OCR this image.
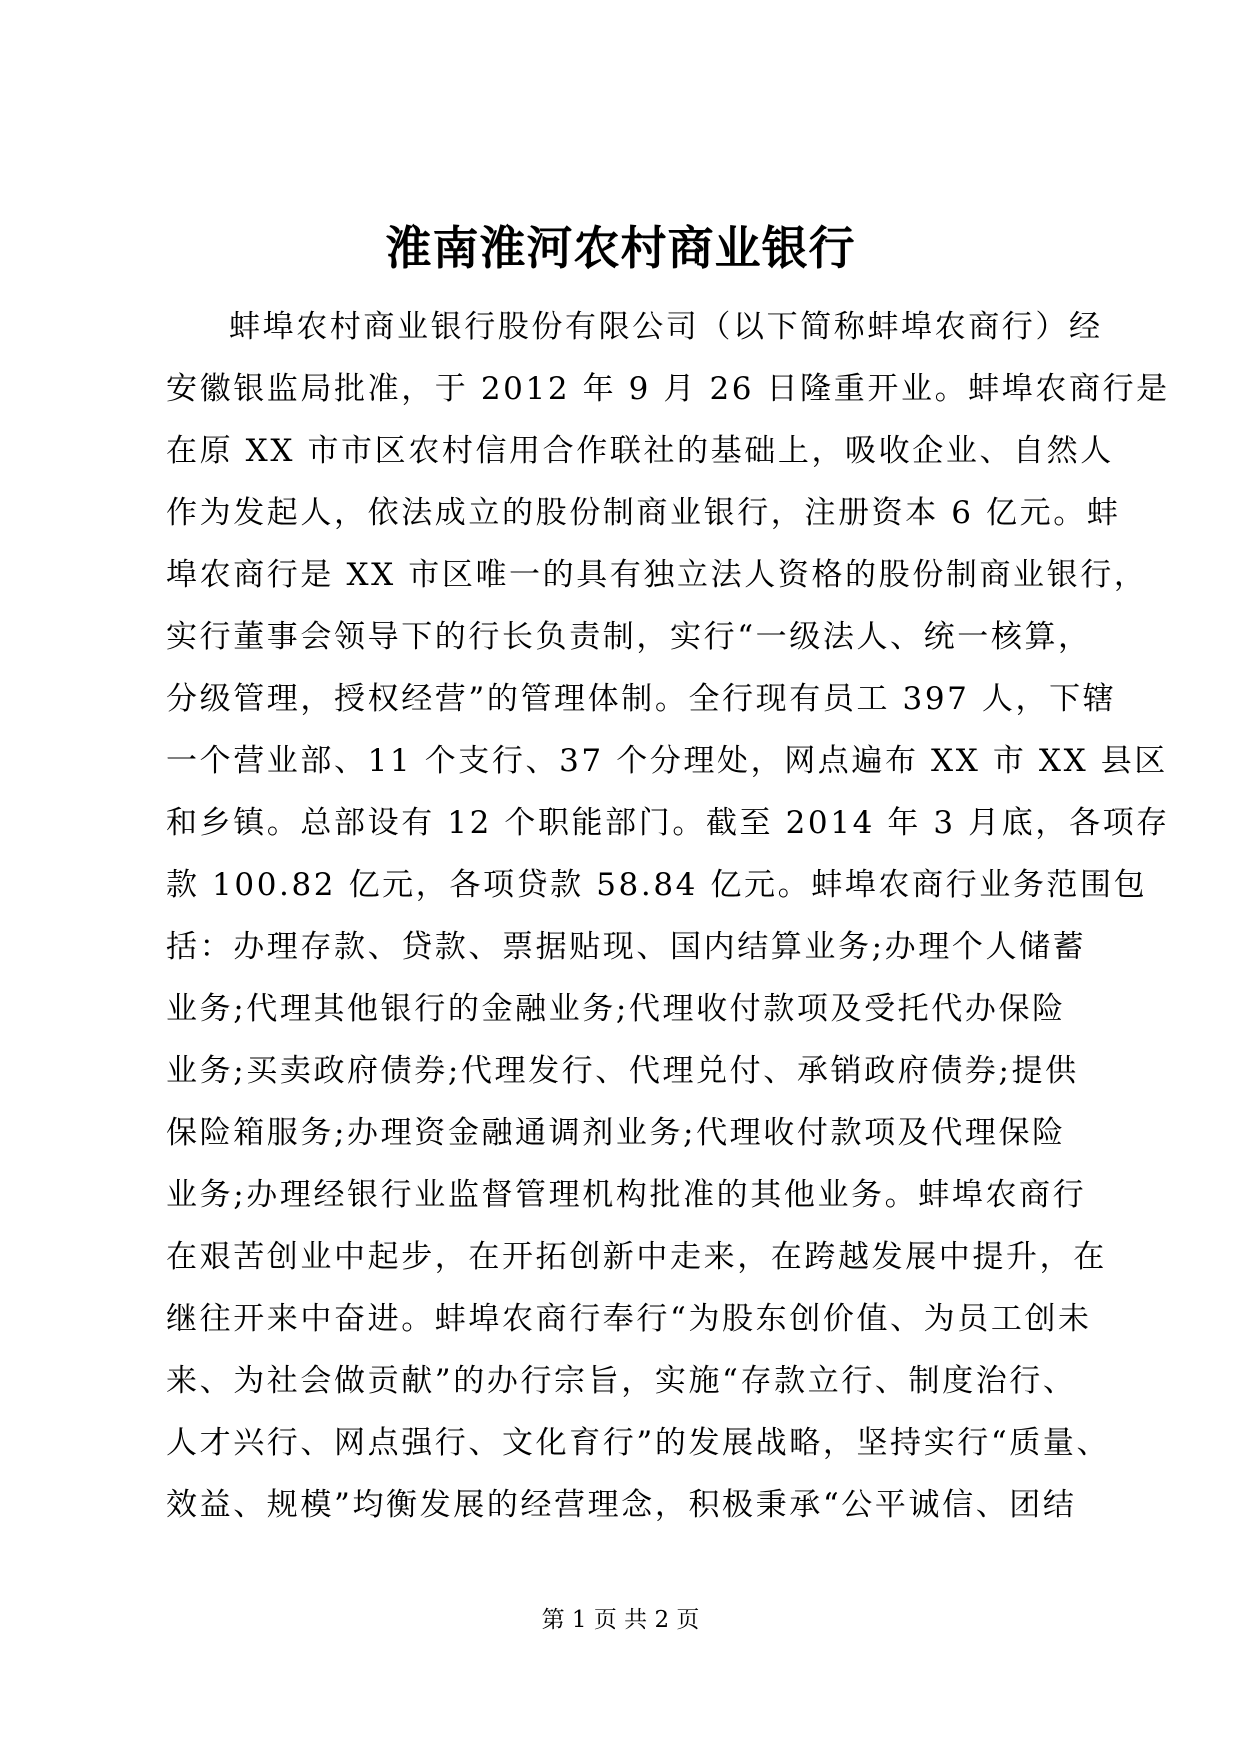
淮南淮河农村商业银行
蚌埠农村商业银行股份有限公司（以下简称蚌埠农商行）经
安徽银监局批准，于 2012 年 9 月 26 日隆重开业。蚌埠农商行是
在原 XX 市市区农村信用合作联社的基础上，吸收企业、自然人
作为发起人，依法成立的股份制商业银行，注册资本 6 亿元。蚌
埠农商行是 XX 市区唯一的具有独立法人资格的股份制商业银行，
实行董事会领导下的行长负责制，实行“一级法人、统一核算，
分级管理，授权经营”的管理体制。全行现有员工 397 人，下辖
一个营业部、11 个支行、37 个分理处，网点遍布 XX 市 XX 县区
和乡镇。总部设有 12 个职能部门。截至 2014 年 3 月底，各项存
款 100.82 亿元，各项贷款 58.84 亿元。蚌埠农商行业务范围包
括：办理存款、贷款、票据贴现、国内结算业务;办理个人储蓄
业务;代理其他银行的金融业务;代理收付款项及受托代办保险
业务;买卖政府债券;代理发行、代理兑付、承销政府债券;提供
保险箱服务;办理资金融通调剂业务;代理收付款项及代理保险
业务;办理经银行业监督管理机构批准的其他业务。蚌埠农商行
在艰苦创业中起步，在开拓创新中走来，在跨越发展中提升，在
继往开来中奋进。蚌埠农商行奉行“为股东创价值、为员工创未
来、为社会做贡献”的办行宗旨，实施“存款立行、制度治行、
人才兴行、网点强行、文化育行”的发展战略，坚持实行“质量、
效益、规模”均衡发展的经营理念，积极秉承“公平诚信、团结
第 1 页 共 2 页
